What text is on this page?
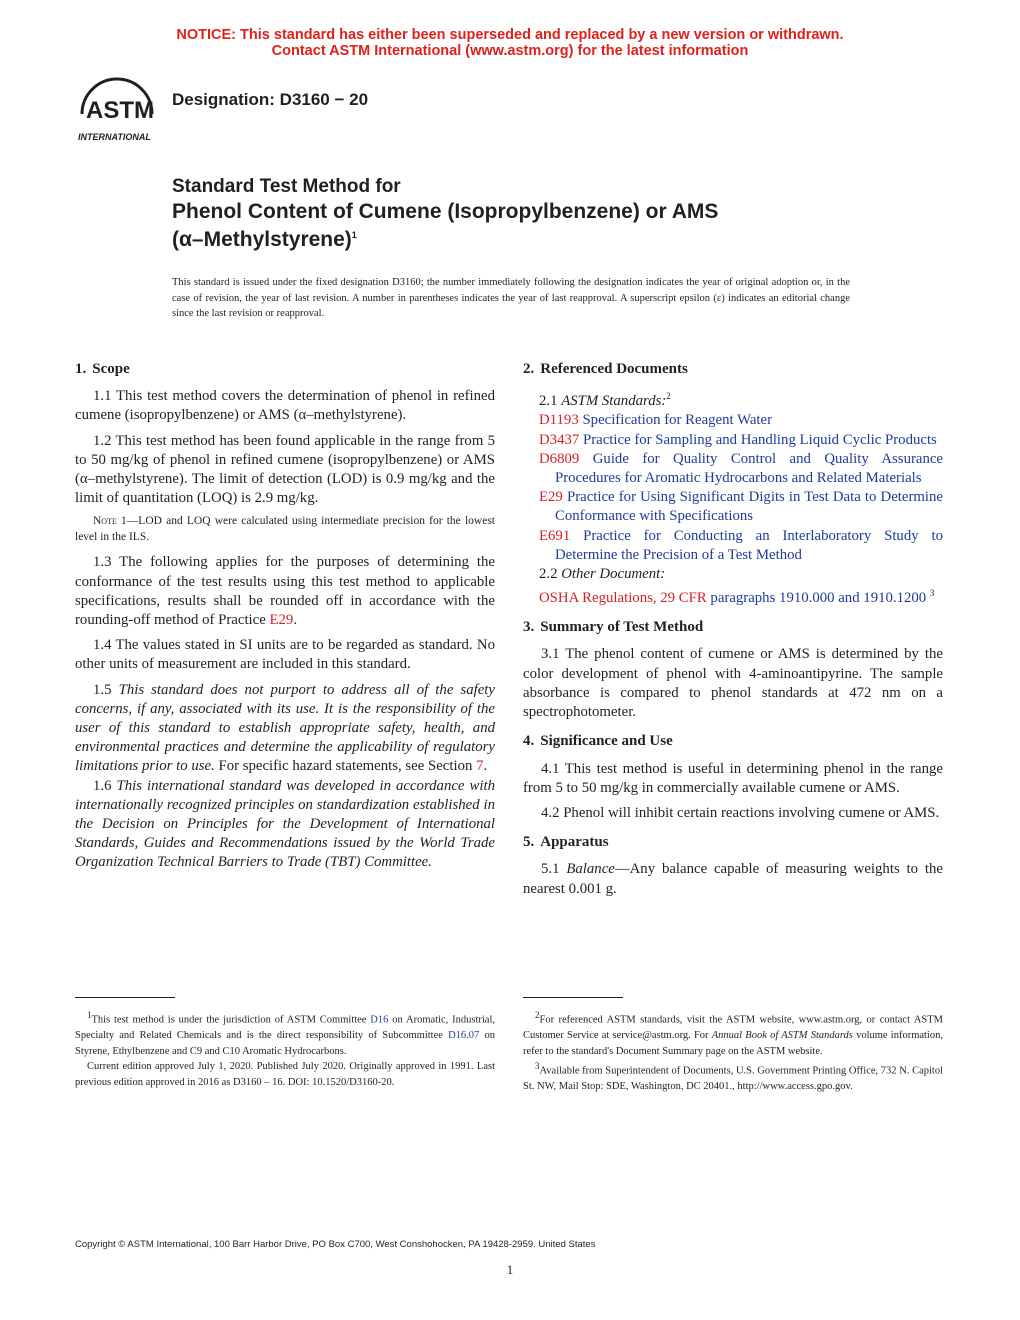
NOTICE: This standard has either been superseded and replaced by a new version or withdrawn.
Contact ASTM International (www.astm.org) for the latest information
ASTM
INTERNATIONAL
Designation: D3160 − 20
Standard Test Method for
Phenol Content of Cumene (Isopropylbenzene) or AMS
(α–Methylstyrene)$^1$
This standard is issued under the fixed designation D3160; the number immediately following the designation indicates the year of original adoption or, in the case of revision, the year of last revision. A number in parentheses indicates the year of last reapproval. A superscript epsilon (ε) indicates an editorial change since the last revision or reapproval.
1. Scope

1.1 This test method covers the determination of phenol in refined cumene (isopropylbenzene) or AMS (α–methylstyrene).

1.2 This test method has been found applicable in the range from 5 to 50 mg/kg of phenol in refined cumene (isopropylbenzene) or AMS (α–methylstyrene). The limit of detection (LOD) is 0.9 mg/kg and the limit of quantitation (LOQ) is 2.9 mg/kg.

Note 1—LOD and LOQ were calculated using intermediate precision for the lowest level in the ILS.

1.3 The following applies for the purposes of determining the conformance of the test results using this test method to applicable specifications, results shall be rounded off in accordance with the rounding-off method of Practice E29.

1.4 The values stated in SI units are to be regarded as standard. No other units of measurement are included in this standard.

1.5 This standard does not purport to address all of the safety concerns, if any, associated with its use. It is the responsibility of the user of this standard to establish appropriate safety, health, and environmental practices and determine the applicability of regulatory limitations prior to use. For specific hazard statements, see Section 7.

1.6 This international standard was developed in accordance with internationally recognized principles on standardization established in the Decision on Principles for the Development of International Standards, Guides and Recommendations issued by the World Trade Organization Technical Barriers to Trade (TBT) Committee.

2. Referenced Documents

2.1 ASTM Standards:$^2$

D1193 Specification for Reagent Water

D3437 Practice for Sampling and Handling Liquid Cyclic Products

D6809 Guide for Quality Control and Quality Assurance Procedures for Aromatic Hydrocarbons and Related Materials

E29 Practice for Using Significant Digits in Test Data to Determine Conformance with Specifications

E691 Practice for Conducting an Interlaboratory Study to Determine the Precision of a Test Method

2.2 Other Document:

OSHA Regulations, 29 CFR paragraphs 1910.000 and 1910.1200 $^3$

3. Summary of Test Method

3.1 The phenol content of cumene or AMS is determined by the color development of phenol with 4-aminoantipyrine. The sample absorbance is compared to phenol standards at 472 nm on a spectrophotometer.

4. Significance and Use

4.1 This test method is useful in determining phenol in the range from 5 to 50 mg/kg in commercially available cumene or AMS.

4.2 Phenol will inhibit certain reactions involving cumene or AMS.

5. Apparatus

5.1 Balance—Any balance capable of measuring weights to the nearest 0.001 g.

$^1$This test method is under the jurisdiction of ASTM Committee D16 on Aromatic, Industrial, Specialty and Related Chemicals and is the direct responsibility of Subcommittee D16.07 on Styrene, Ethylbenzene and C9 and C10 Aromatic Hydrocarbons.

Current edition approved July 1, 2020. Published July 2020. Originally approved in 1991. Last previous edition approved in 2016 as D3160 – 16. DOI: 10.1520/D3160-20.

$^2$For referenced ASTM standards, visit the ASTM website, www.astm.org, or contact ASTM Customer Service at service@astm.org. For Annual Book of ASTM Standards volume information, refer to the standard's Document Summary page on the ASTM website.

$^3$Available from Superintendent of Documents, U.S. Government Printing Office, 732 N. Capitol St. NW, Mail Stop: SDE, Washington, DC 20401., http://www.access.gpo.gov.

Copyright © ASTM International, 100 Barr Harbor Drive, PO Box C700, West Conshohocken, PA 19428-2959. United States
1
